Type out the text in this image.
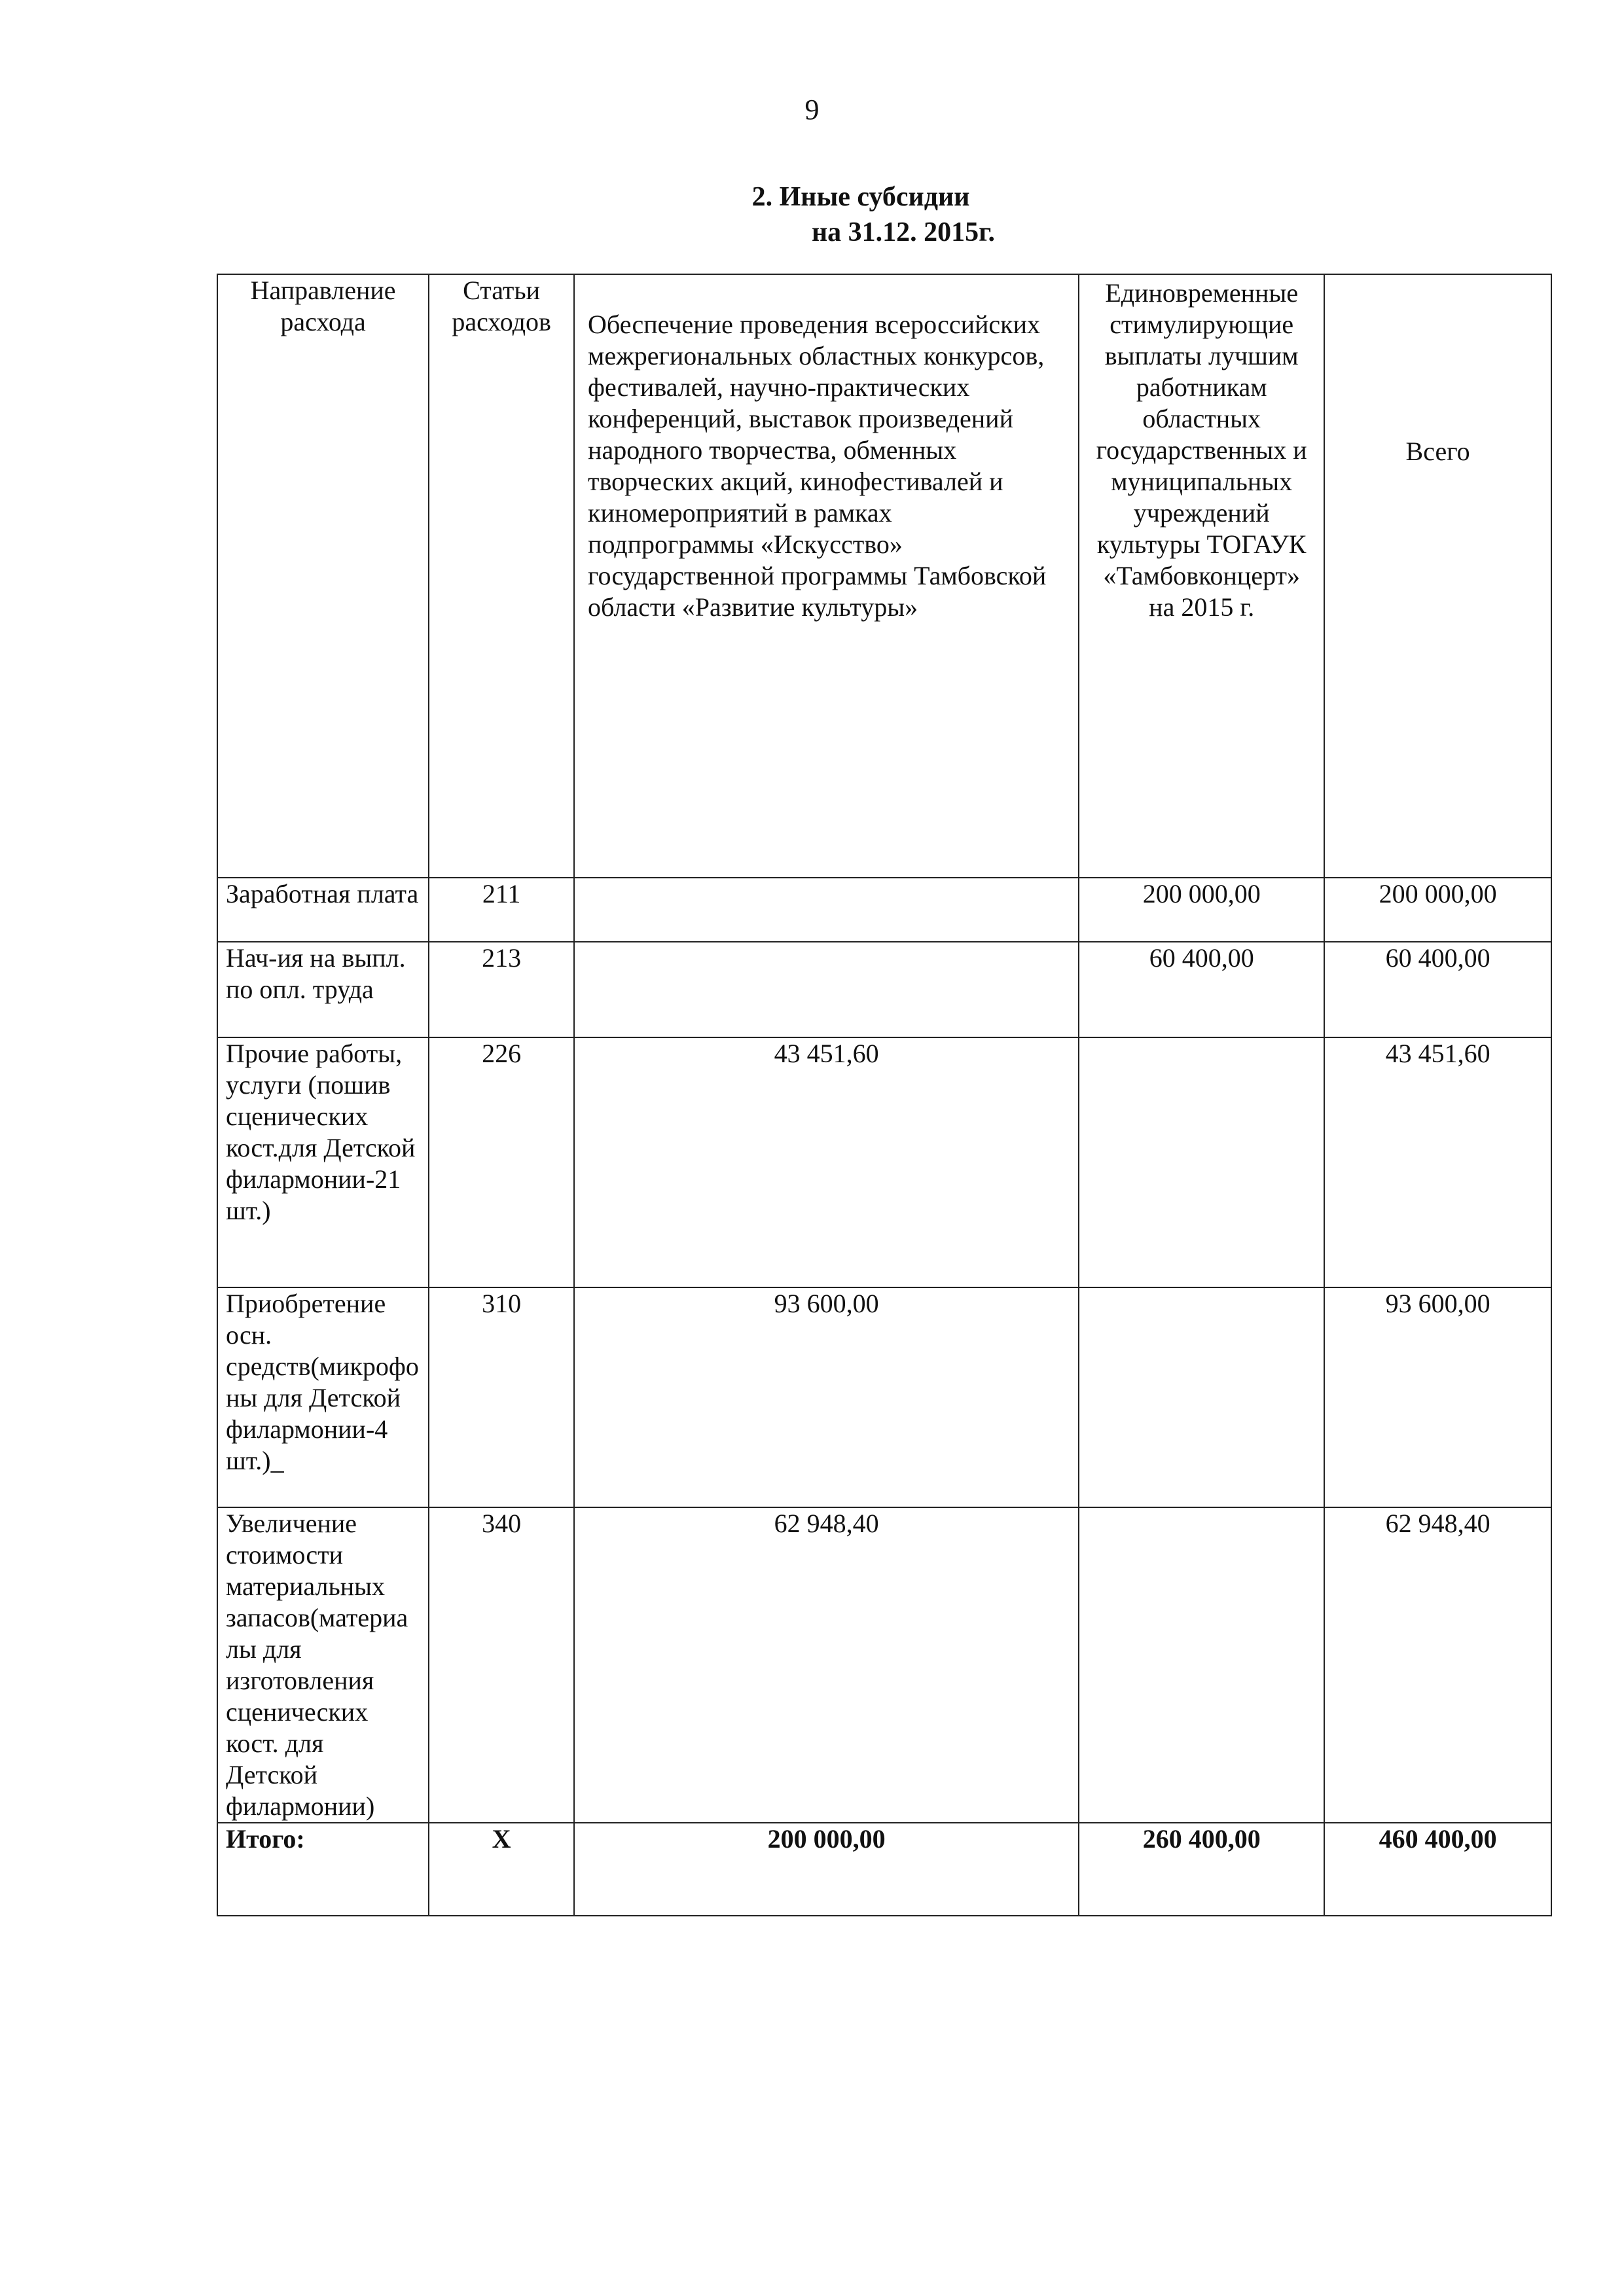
9
2. Иные субсидии
на 31.12. 2015г.
Направление расхода	Статьи расходов	Обеспечение проведения всероссийских межрегиональных областных конкурсов, фестивалей, научно-практических конференций, выставок произведений народного творчества, обменных творческих акций, кинофестивалей и киномероприятий в рамках подпрограммы «Искусство» государственной программы Тамбовской области «Развитие культуры»	Единовременные стимулирующие выплаты лучшим работникам областных государственных и муниципальных учреждений культуры ТОГАУК «Тамбовконцерт» на 2015 г.	Всего
Заработная плата	211		200 000,00	200 000,00
Нач-ия на выпл. по опл. труда	213		60 400,00	60 400,00
Прочие работы, услуги (пошив сценических кост.для Детской филармонии-21 шт.)	226	43 451,60		43 451,60
Приобретение осн. средств(микрофоны для Детской филармонии-4 шт.)_	310	93 600,00		93 600,00
Увеличение стоимости материальных запасов(материалы для изготовления сценических кост. для Детской филармонии)	340	62 948,40		62 948,40
Итого:	Х	200 000,00	260 400,00	460 400,00
